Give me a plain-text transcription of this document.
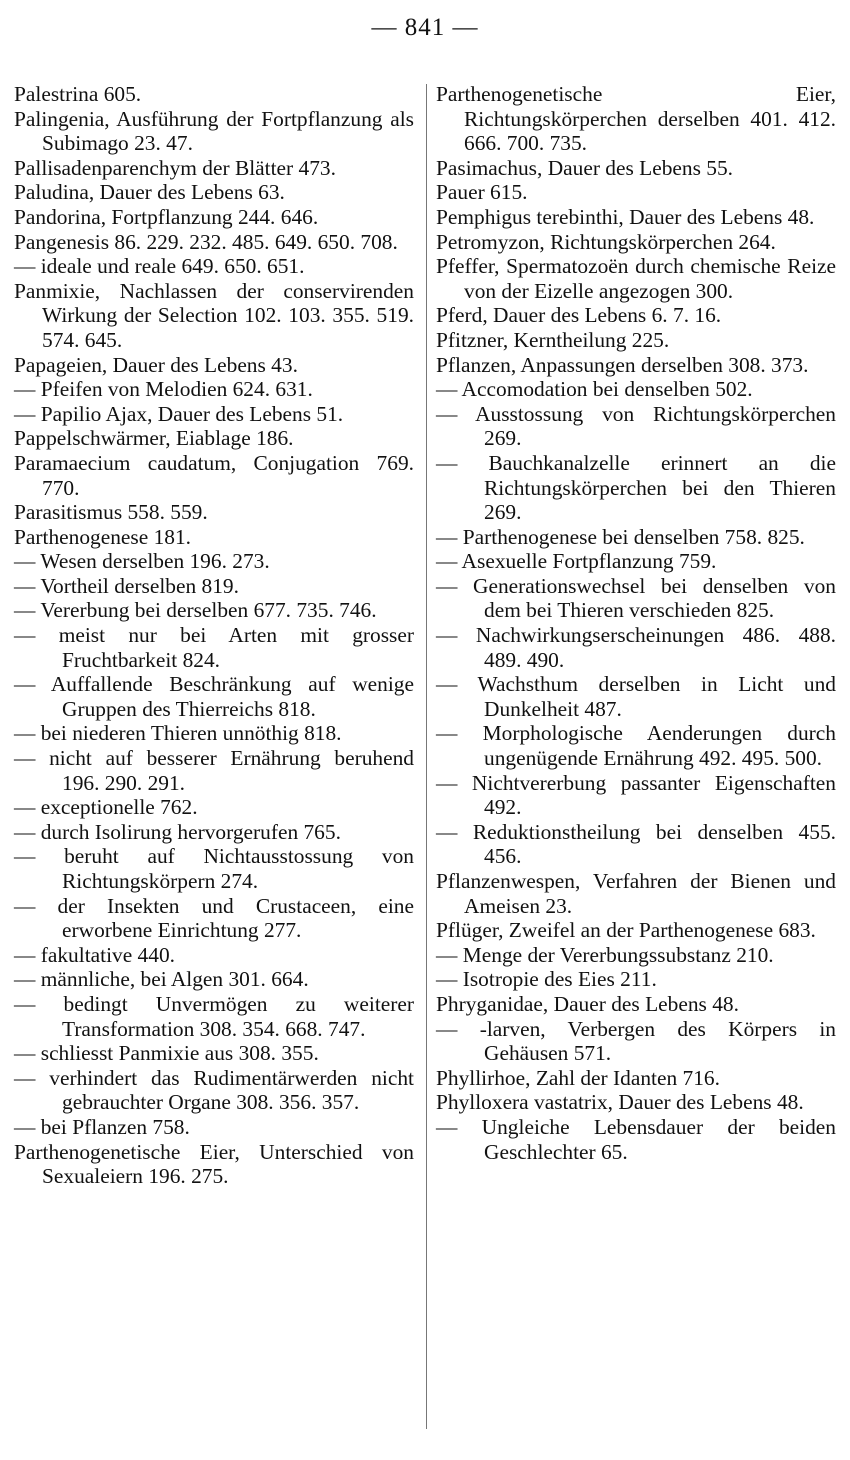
— 841 —
Palestrina 605.
Palingenia, Ausführung der Fortpflanzung als Subimago 23. 47.
Pallisadenparenchym der Blätter 473.
Paludina, Dauer des Lebens 63.
Pandorina, Fortpflanzung 244. 646.
Pangenesis 86. 229. 232. 485. 649. 650. 708.
— ideale und reale 649. 650. 651.
Panmixie, Nachlassen der conservirenden Wirkung der Selection 102. 103. 355. 519. 574. 645.
Papageien, Dauer des Lebens 43.
— Pfeifen von Melodien 624. 631.
— Papilio Ajax, Dauer des Lebens 51.
Pappelschwärmer, Eiablage 186.
Paramaecium caudatum, Conjugation 769. 770.
Parasitismus 558. 559.
Parthenogenese 181.
— Wesen derselben 196. 273.
— Vortheil derselben 819.
— Vererbung bei derselben 677. 735. 746.
— meist nur bei Arten mit grosser Fruchtbarkeit 824.
— Auffallende Beschränkung auf wenige Gruppen des Thierreichs 818.
— bei niederen Thieren unnöthig 818.
— nicht auf besserer Ernährung beruhend 196. 290. 291.
— exceptionelle 762.
— durch Isolirung hervorgerufen 765.
— beruht auf Nichtausstossung von Richtungskörpern 274.
— der Insekten und Crustaceen, eine erworbene Einrichtung 277.
— fakultative 440.
— männliche, bei Algen 301. 664.
— bedingt Unvermögen zu weiterer Transformation 308. 354. 668. 747.
— schliesst Panmixie aus 308. 355.
— verhindert das Rudimentärwerden nicht gebrauchter Organe 308. 356. 357.
— bei Pflanzen 758.
Parthenogenetische Eier, Unterschied von Sexualeiern 196. 275.
Parthenogenetische Eier, Richtungskörperchen derselben 401. 412. 666. 700. 735.
Pasimachus, Dauer des Lebens 55.
Pauer 615.
Pemphigus terebinthi, Dauer des Lebens 48.
Petromyzon, Richtungskörperchen 264.
Pfeffer, Spermatozoën durch chemische Reize von der Eizelle angezogen 300.
Pferd, Dauer des Lebens 6. 7. 16.
Pfitzner, Kerntheilung 225.
Pflanzen, Anpassungen derselben 308. 373.
— Accomodation bei denselben 502.
— Ausstossung von Richtungskörperchen 269.
— Bauchkanalzelle erinnert an die Richtungskörperchen bei den Thieren 269.
— Parthenogenese bei denselben 758. 825.
— Asexuelle Fortpflanzung 759.
— Generationswechsel bei denselben von dem bei Thieren verschieden 825.
— Nachwirkungserscheinungen 486. 488. 489. 490.
— Wachsthum derselben in Licht und Dunkelheit 487.
— Morphologische Aenderungen durch ungenügende Ernährung 492. 495. 500.
— Nichtvererbung passanter Eigenschaften 492.
— Reduktionstheilung bei denselben 455. 456.
Pflanzenwespen, Verfahren der Bienen und Ameisen 23.
Pflüger, Zweifel an der Parthenogenese 683.
— Menge der Vererbungssubstanz 210.
— Isotropie des Eies 211.
Phryganidae, Dauer des Lebens 48.
— -larven, Verbergen des Körpers in Gehäusen 571.
Phyllirhoe, Zahl der Idanten 716.
Phylloxera vastatrix, Dauer des Lebens 48.
— Ungleiche Lebensdauer der beiden Geschlechter 65.
